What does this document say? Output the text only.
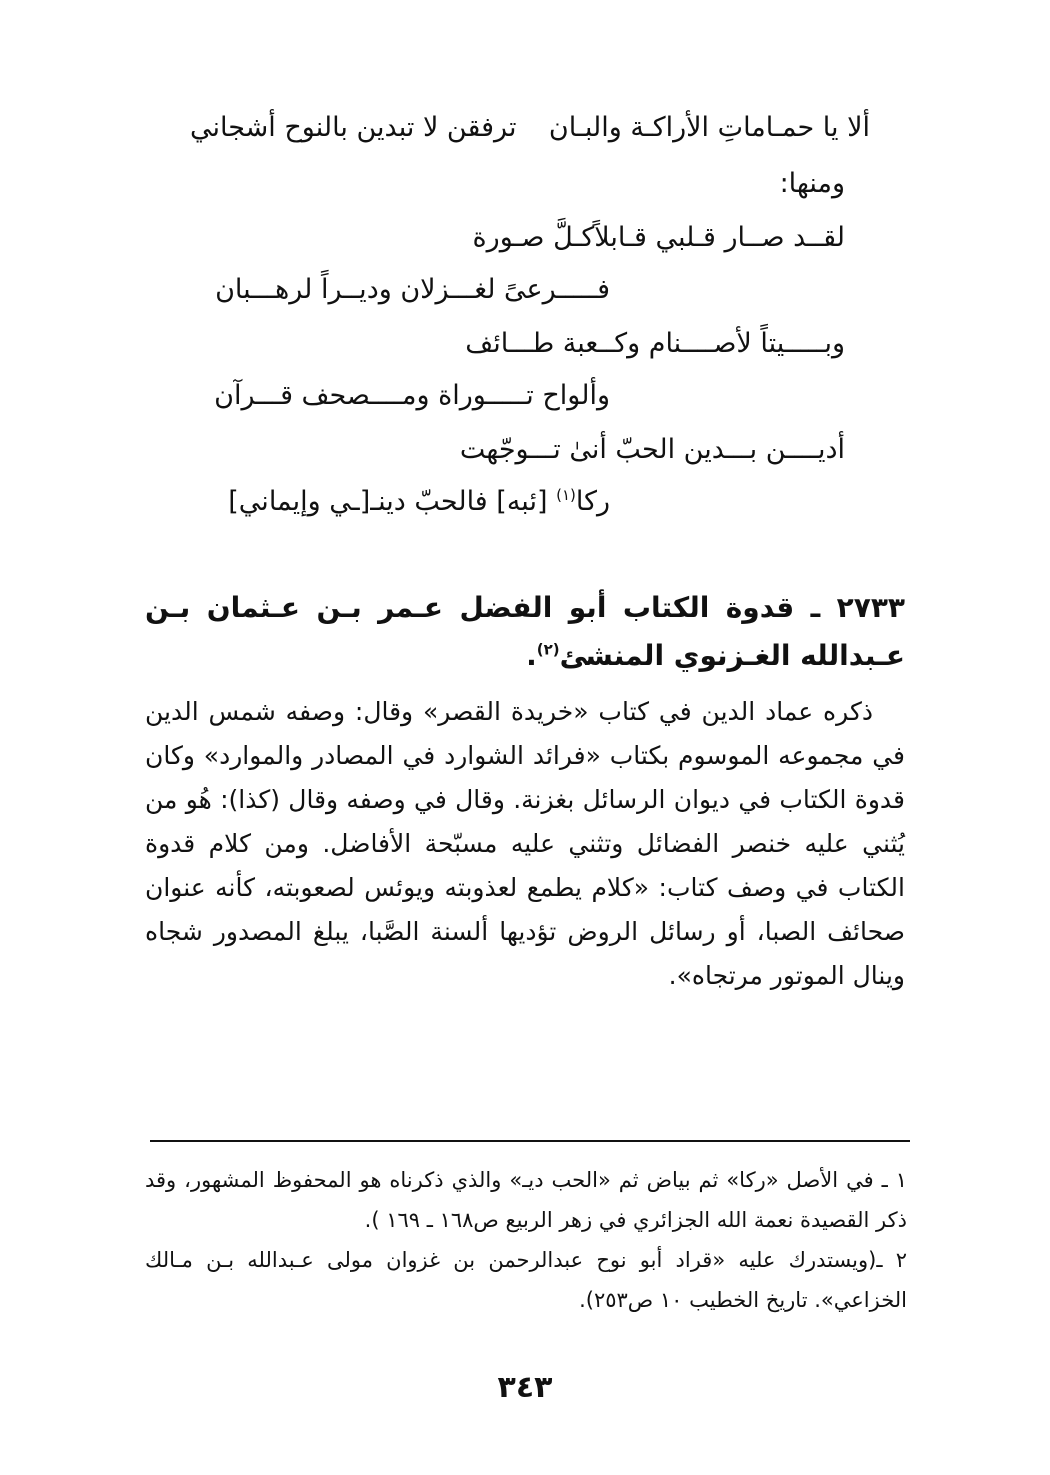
ألا يا حمـاماتِ الأراكـة والبـان
ترفقن لا تبدين بالنوح أشجاني
ومنها:
لقــد صــار قـلبي قـابلاًكـلَّ صـورة
فـــــرعىً لغـــزلان وديــراً لرهـــبان
وبـــــيتاً لأصــــنام وكــعبة طـــائف
وألواح تـــــوراة ومــــصحف قـــرآن
أديــــن بـــدين الحبّ أنىٰ تـــوجّهت
ركا$^{(١)}$ [ئبه] فالحبّ دينـ[ـي وإيماني]
٢٧٣٣ ـ قدوة الكتاب أبو الفضل عـمر بـن عـثمان بـن عـبدالله الغـزنوي المنشئ$^{(٢)}$.

ذكره عماد الدين في كتاب «خريدة القصر» وقال: وصفه شمس الدين في مجموعه الموسوم بكتاب «فرائد الشوارد في المصادر والموارد» وكان قدوة الكتاب في ديوان الرسائل بغزنة. وقال في وصفه وقال (كذا): هُو من يُثني عليه خنصر الفضائل وتثني عليه مسبّحة الأفاضل. ومن كلام قدوة الكتاب في وصف كتاب: «كلام يطمع لعذوبته ويوئس لصعوبته، كأنه عنوان صحائف الصبا، أو رسائل الروض تؤديها ألسنة الصَّبا، يبلغ المصدور شجاه وينال الموتور مرتجاه».

١ ـ في الأصل «ركا» ثم بياض ثم «الحب ديـ» والذي ذكرناه هو المحفوظ المشهور، وقد ذكر القصيدة نعمة الله الجزائري في زهر الربيع ص١٦٨ ـ ١٦٩ ).

٢ ـ(ويستدرك عليه «قراد أبو نوح عبدالرحمن بن غزوان مولى عـبدالله بـن مـالك الخزاعي». تاريخ الخطيب ١٠ ص٢٥٣).

٣٤٣
